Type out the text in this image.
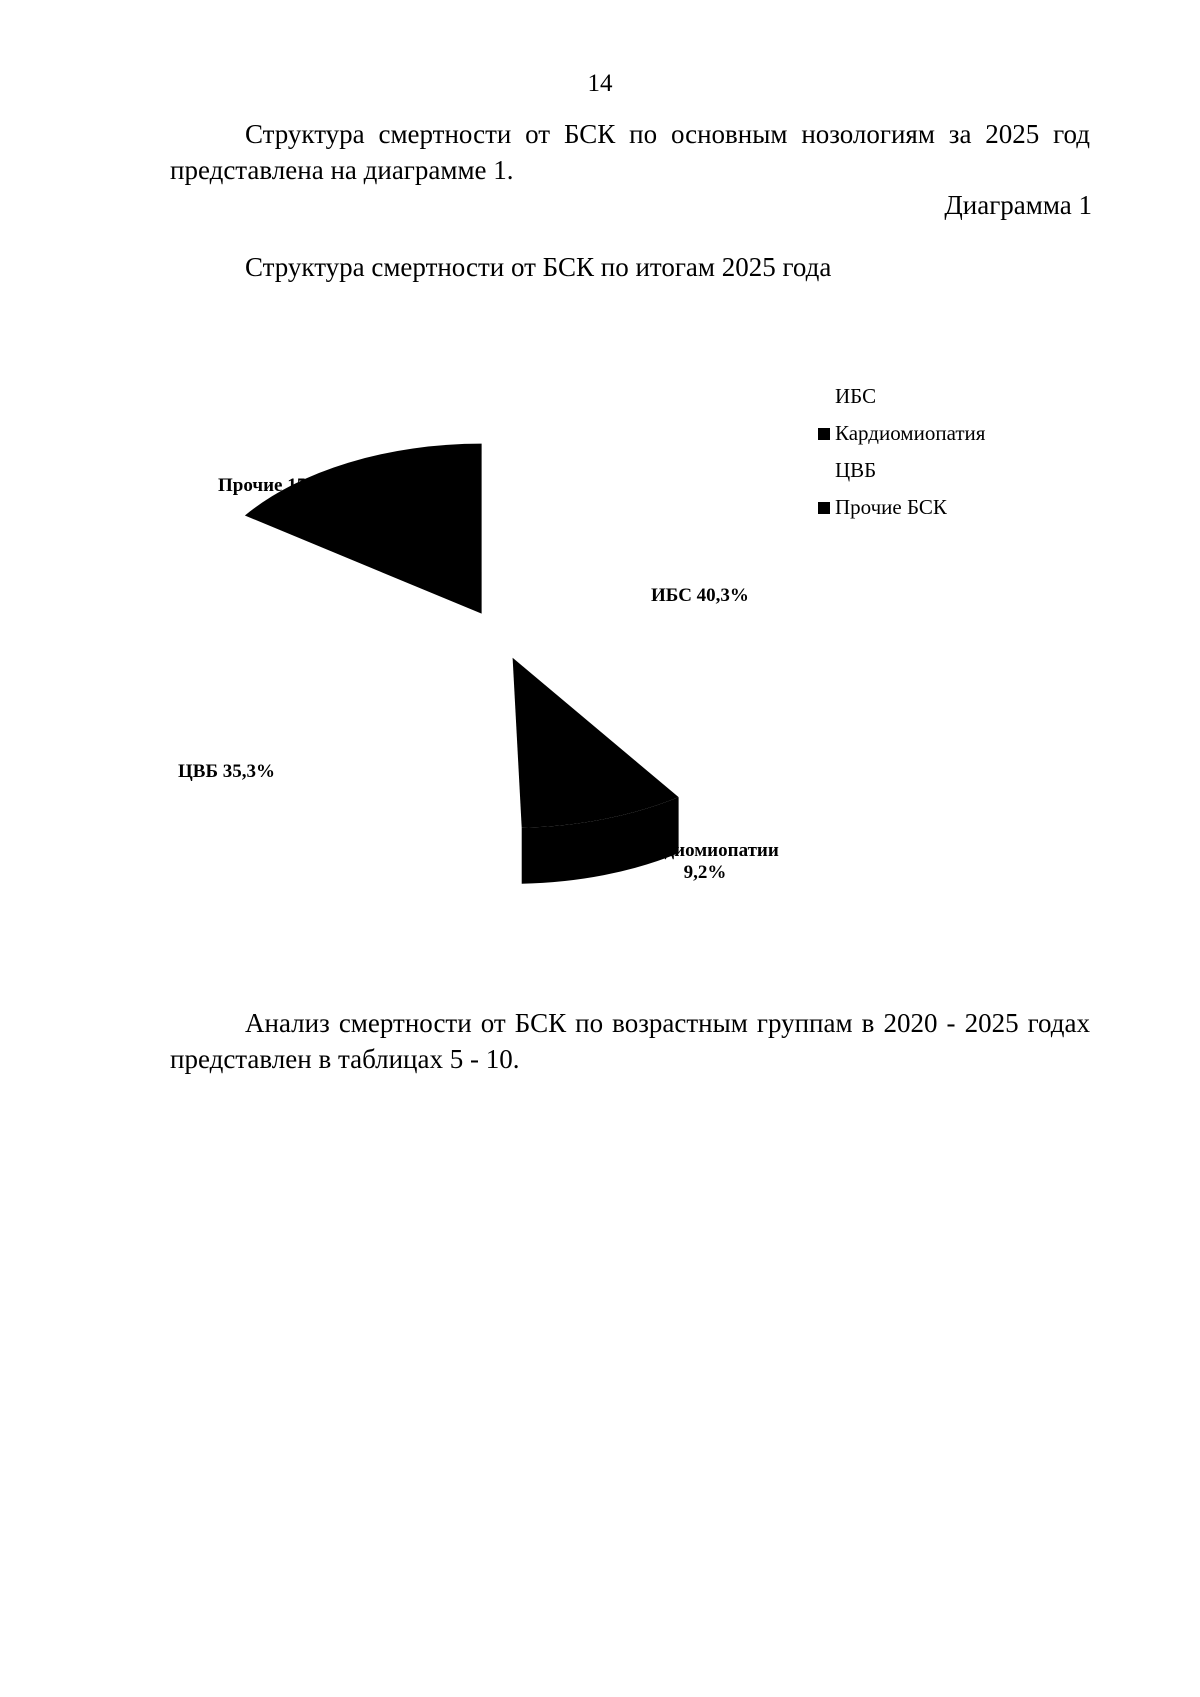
14
Структура смертности от БСК по основным нозологиям за 2025 год представлена на диаграмме 1.
Диаграмма 1
Структура смертности от БСК по итогам 2025 года
Прочие 15,2%
ИБС 40,3%
ЦВБ 35,3%
Кардиомиопатии
9,2%
ИБС
Кардиомиопатия
ЦВБ
Прочие БСК
Анализ смертности от БСК по возрастным группам в 2020 - 2025 годах представлен в таблицах 5 - 10.
